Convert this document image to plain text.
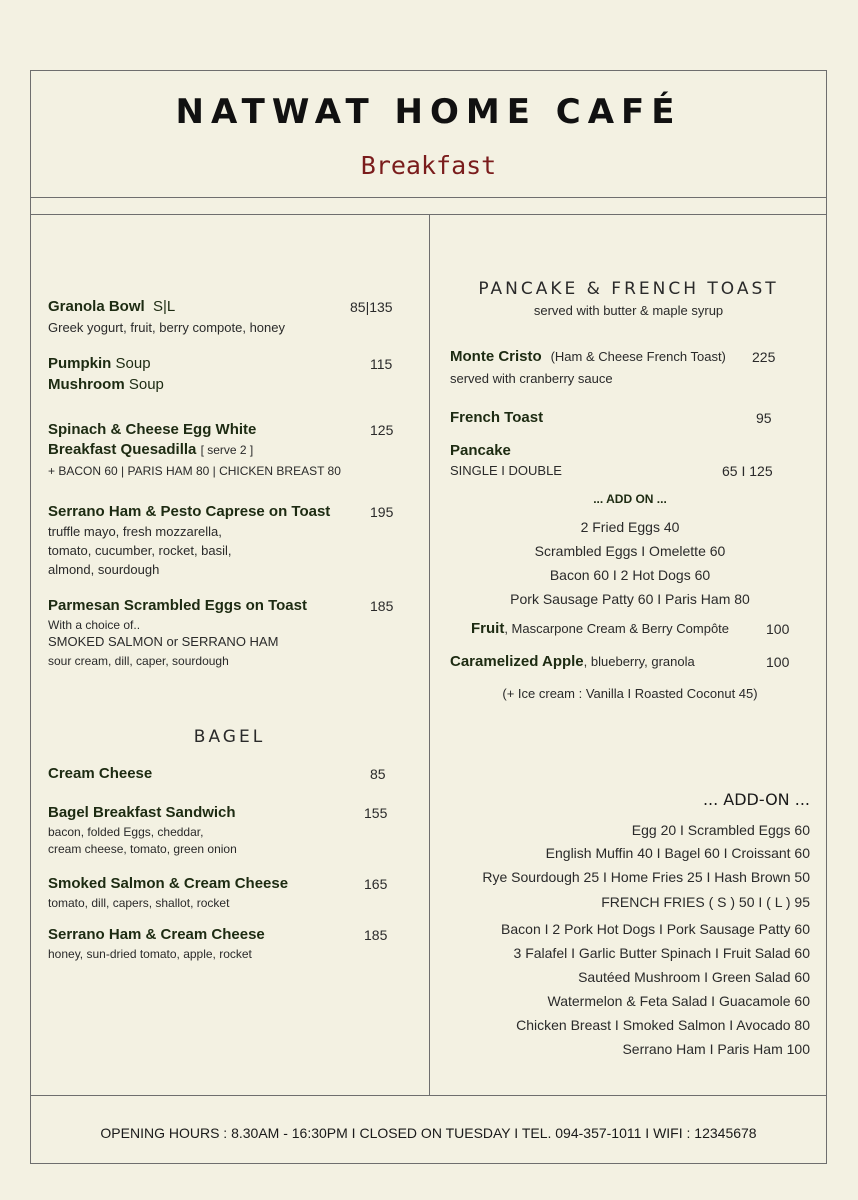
NATWAT HOME CAFÉ
Breakfast
Granola Bowl S|L	85|135
Greek yogurt, fruit, berry compote, honey
Pumpkin Soup
Mushroom Soup
115
Spinach & Cheese Egg White
Breakfast Quesadilla [ serve 2 ]
125
+ BACON 60 | PARIS HAM 80 | CHICKEN BREAST 80
Serrano Ham & Pesto Caprese on Toast	195
truffle mayo, fresh mozzarella,
tomato, cucumber, rocket, basil,
almond, sourdough
Parmesan Scrambled Eggs on Toast	185
With a choice of..
SMOKED SALMON or SERRANO HAM
sour cream, dill, caper, sourdough
BAGEL
Cream Cheese	85
Bagel Breakfast Sandwich	155
bacon, folded Eggs, cheddar,
cream cheese, tomato, green onion
Smoked Salmon & Cream Cheese	165
tomato, dill, capers, shallot, rocket
Serrano Ham & Cream Cheese	185
honey, sun-dried tomato, apple, rocket
PANCAKE & FRENCH TOAST
served with butter & maple syrup
Monte Cristo (Ham & Cheese French Toast) 225
served with cranberry sauce
French Toast	95
Pancake
SINGLE I DOUBLE	65 I 125
... ADD ON ...
2 Fried Eggs 40
Scrambled Eggs I Omelette 60
Bacon 60 I 2 Hot Dogs 60
Pork Sausage Patty 60 I Paris Ham 80
Fruit, Mascarpone Cream & Berry Compôte	100
Caramelized Apple, blueberry, granola	100
(+ Ice cream : Vanilla I Roasted Coconut 45)
... ADD-ON ...
Egg 20 I Scrambled Eggs 60
English Muffin 40 I Bagel 60 I Croissant 60
Rye Sourdough 25 I Home Fries 25 I Hash Brown 50
FRENCH FRIES ( S ) 50 I ( L ) 95
Bacon I 2 Pork Hot Dogs I Pork Sausage Patty 60
3 Falafel I Garlic Butter Spinach I Fruit Salad 60
Sautéed Mushroom I Green Salad 60
Watermelon & Feta Salad I Guacamole 60
Chicken Breast I Smoked Salmon I Avocado 80
Serrano Ham I Paris Ham 100
OPENING HOURS : 8.30AM - 16:30PM I CLOSED ON TUESDAY I TEL. 094-357-1011 I WIFI : 12345678
